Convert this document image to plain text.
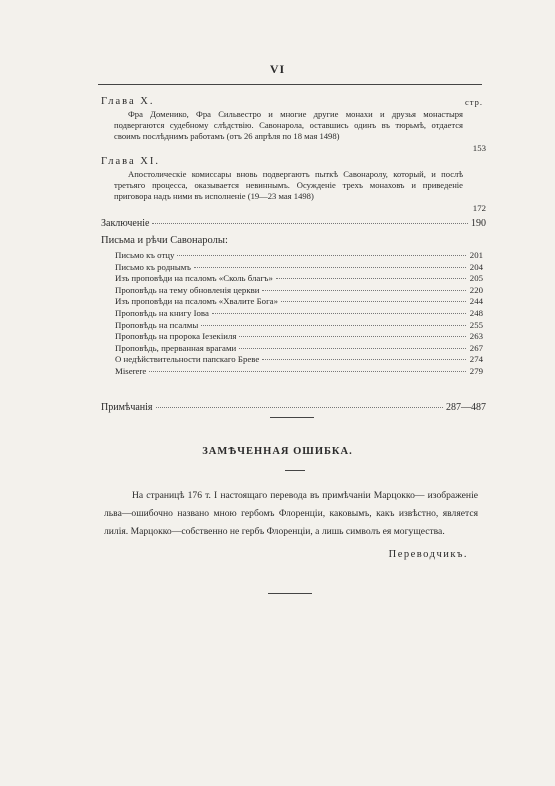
VI
Глава X.	стр.
Фра Доменико, Фра Сильвестро и многие другие монахи и друзья монастыря подвергаются судебному слѣдствію. Савонарола, оставшись одинъ въ тюрьмѣ, отдается своимъ послѣднимъ работамъ (отъ 26 апрѣля по 18 мая 1498)
153
Глава XI.
Апостолическіе комиссары вновь подвергаютъ пыткѣ Савонаролу, который, и послѣ третьяго процесса, оказывается невиннымъ. Осужденіе трехъ монаховъ и приведеніе приговора надъ ними въ исполненіе (19—23 мая 1498)
172
Заключеніе	190
Письма и рѣчи Савонаролы:
Письмо къ отцу	201
Письмо къ роднымъ	204
Изъ проповѣди на псаломъ «Сколь благъ»	205
Проповѣдь на тему обновленія церкви	220
Изъ проповѣди на псаломъ «Хвалите Бога»	244
Проповѣдь на книгу Іова	248
Проповѣдь на псалмы	255
Проповѣдь на пророка Іезекіиля	263
Проповѣдь, прерванная врагами	267
О недѣйствительности папскаго Бреве	274
Miserere	279
Примѣчанія	287—487
ЗАМѢЧЕННАЯ ОШИБКА.
На страницѣ 176 т. I настоящаго перевода въ примѣчаніи Марцокко— изображеніе льва—ошибочно названо мною гербомъ Флоренціи, каковымъ, какъ извѣстно, является лилія. Марцокко—собственно не гербъ Флоренціи, а лишь символъ ея могущества.
Переводчикъ.
